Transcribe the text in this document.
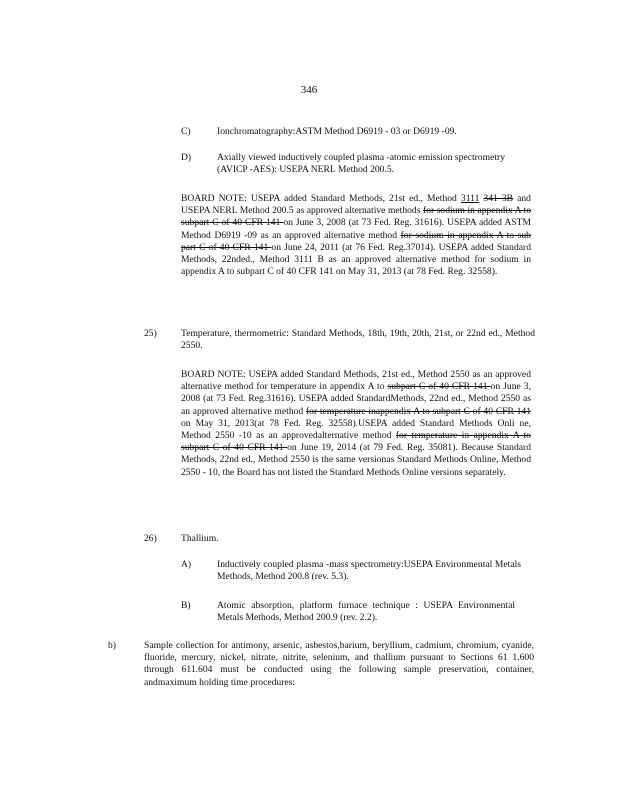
346
C)	Ionchromatography:ASTM Method D6919 - 03 or D6919 -09.
D)	Axially viewed inductively coupled plasma -atomic emission spectrometry (AVICP -AES): USEPA NERL Method 200.5.
BOARD NOTE: USEPA added Standard Methods, 21st ed., Method 3111 341 3B and USEPA NERL Method 200.5 as approved alternative methods for sodium in appendix A to subpart C of 40 CFR 141 on June 3, 2008 (at 73 Fed. Reg. 31616). USEPA added ASTM Method D6919 -09 as an approved alternative method for sodium in appendix A to sub part C of 40 CFR 141 on June 24, 2011 (at 76 Fed. Reg.37014). USEPA added Standard Methods, 22nded., Method 3111 B as an approved alternative method for sodium in appendix A to subpart C of 40 CFR 141 on May 31, 2013 (at 78 Fed. Reg. 32558).
25)	Temperature, thermometric: Standard Methods, 18th, 19th, 20th, 21st, or 22nd ed., Method 2550.
BOARD NOTE: USEPA added Standard Methods, 21st ed., Method 2550 as an approved alternative method for temperature in appendix A to subpart C of 40 CFR 141 on June 3, 2008 (at 73 Fed. Reg.31616). USEPA added StandardMethods, 22nd ed., Method 2550 as an approved alternative method for temperature inappendix A to subpart C of 40 CFR 141 on May 31, 2013(at 78 Fed. Reg. 32558).USEPA added Standard Methods Onli ne, Method 2550 -10 as an approvedalternative method for temperature in appendix A to subpart C of 40 CFR 141 on June 19, 2014 (at 79 Fed. Reg. 35081). Because Standard Methods, 22nd ed., Method 2550 is the same versionas Standard Methods Online, Method 2550 - 10, the Board has not listed the Standard Methods Online versions separately.
26)	Thallium.
A)	Inductively coupled plasma -mass spectrometry:USEPA Environmental Metals Methods, Method 200.8 (rev. 5.3).
B)	Atomic absorption, platform furnace technique : USEPA Environmental Metals Methods, Method 200.9 (rev. 2.2).
b)	Sample collection for antimony, arsenic, asbestos,barium, beryllium, cadmium, chromium, cyanide, fluoride, mercury, nickel, nitrate, nitrite, selenium, and thallium pursuant to Sections 61 1.600 through 611.604 must be conducted using the following sample preservation, container, andmaximum holding time procedures:
